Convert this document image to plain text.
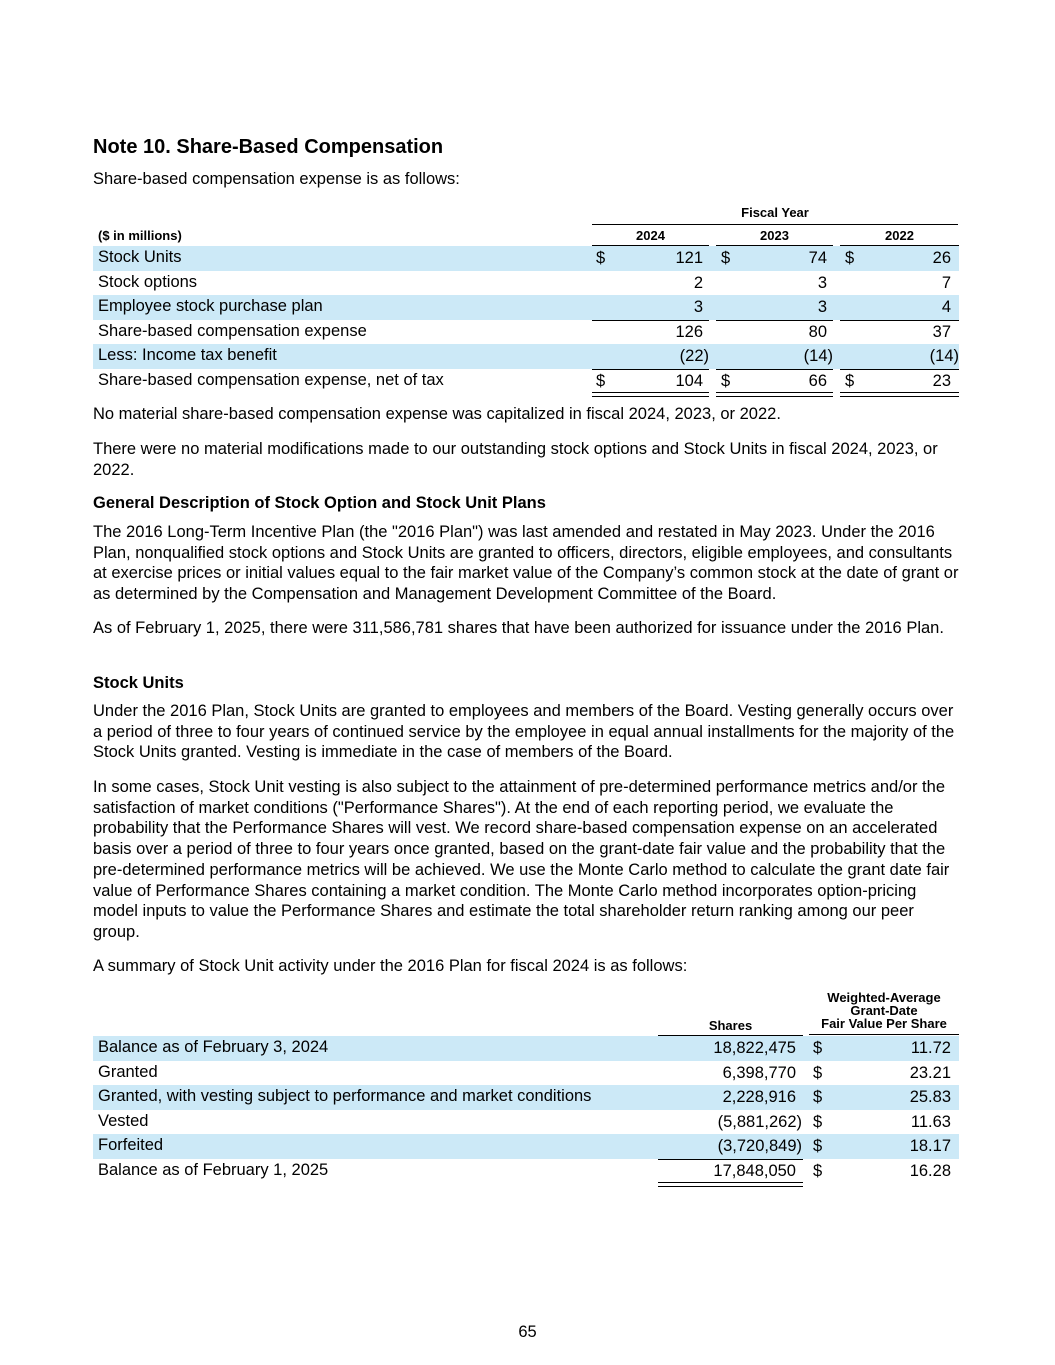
Note 10. Share-Based Compensation

Share-based compensation expense is as follows:

Fiscal Year
($ in millions)	2024	2023	2022
Stock Units	$	121 $	74 $	26
Stock options	2	3	7
Employee stock purchase plan	3	3	4
Share-based compensation expense	126	80	37
Less: Income tax benefit	(22)	(14)	(14)
Share-based compensation expense, net of tax	$	104 $	66 $	23

No material share-based compensation expense was capitalized in fiscal 2024, 2023, or 2022.

There were no material modifications made to our outstanding stock options and Stock Units in fiscal 2024, 2023, or 2022.

General Description of Stock Option and Stock Unit Plans

The 2016 Long-Term Incentive Plan (the "2016 Plan") was last amended and restated in May 2023. Under the 2016 Plan, nonqualified stock options and Stock Units are granted to officers, directors, eligible employees, and consultants at exercise prices or initial values equal to the fair market value of the Company’s common stock at the date of grant or as determined by the Compensation and Management Development Committee of the Board.

As of February 1, 2025, there were 311,586,781 shares that have been authorized for issuance under the 2016 Plan.

Stock Units

Under the 2016 Plan, Stock Units are granted to employees and members of the Board. Vesting generally occurs over a period of three to four years of continued service by the employee in equal annual installments for the majority of the Stock Units granted. Vesting is immediate in the case of members of the Board.

In some cases, Stock Unit vesting is also subject to the attainment of pre-determined performance metrics and/or the satisfaction of market conditions ("Performance Shares"). At the end of each reporting period, we evaluate the probability that the Performance Shares will vest. We record share-based compensation expense on an accelerated basis over a period of three to four years once granted, based on the grant-date fair value and the probability that the pre-determined performance metrics will be achieved. We use the Monte Carlo method to calculate the grant date fair value of Performance Shares containing a market condition. The Monte Carlo method incorporates option-pricing model inputs to value the Performance Shares and estimate the total shareholder return ranking among our peer group.

A summary of Stock Unit activity under the 2016 Plan for fiscal 2024 is as follows:

Shares
Weighted-Average
Grant-Date
Fair Value Per Share
Balance as of February 3, 2024	18,822,475 $	11.72
Granted	6,398,770 $	23.21
Granted, with vesting subject to performance and market conditions	2,228,916 $	25.83
Vested	(5,881,262) $	11.63
Forfeited	(3,720,849) $	18.17
Balance as of February 1, 2025	17,848,050 $	16.28
65
